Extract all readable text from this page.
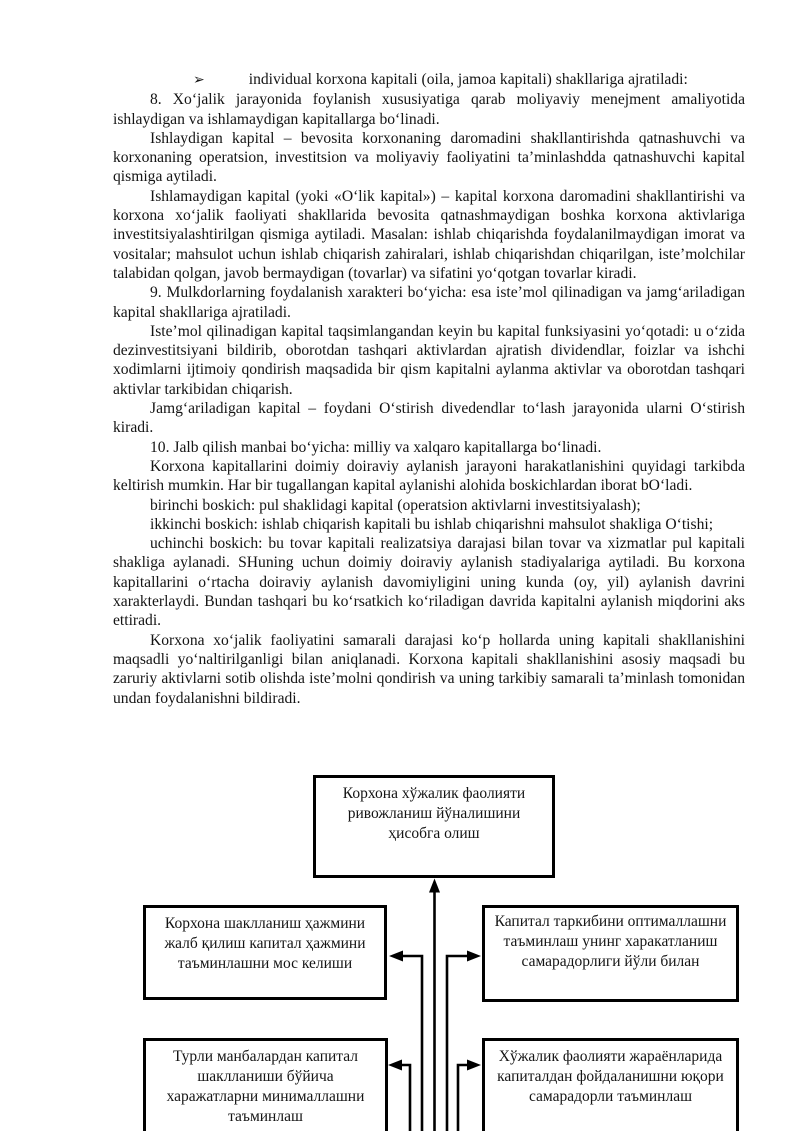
➢	individual korxona kapitali (oila, jamoa kapitali) shakllariga ajratiladi:

8. Xo‘jalik jarayonida foylanish xususiyatiga qarab moliyaviy menejment amaliyotida ishlaydigan va ishlamaydigan kapitallarga bo‘linadi.

Ishlaydigan kapital – bevosita korxonaning daromadini shakllantirishda qatnashuvchi va korxonaning operatsion, investitsion va moliyaviy faoliyatini ta’minlashdda qatnashuvchi kapital qismiga aytiladi.

Ishlamaydigan kapital (yoki «O‘lik kapital») – kapital korxona daromadini shakllantirishi va korxona xo‘jalik faoliyati shakllarida bevosita qatnashmaydigan boshka korxona aktivlariga investitsiyalashtirilgan qismiga aytiladi. Masalan: ishlab chiqarishda foydalanilmaydigan imorat va vositalar; mahsulot uchun ishlab chiqarish zahiralari, ishlab chiqarishdan chiqarilgan, iste’molchilar talabidan qolgan, javob bermaydigan (tovarlar) va sifatini yo‘qotgan tovarlar kiradi.

9. Mulkdorlarning foydalanish xarakteri bo‘yicha: esa iste’mol qilinadigan va jamg‘ariladigan kapital shakllariga ajratiladi.

Iste’mol qilinadigan kapital taqsimlangandan keyin bu kapital funksiyasini yo‘qotadi: u o‘zida dezinvestitsiyani bildirib, oborotdan tashqari aktivlardan ajratish dividendlar, foizlar va ishchi xodimlarni ijtimoiy qondirish maqsadida bir qism kapitalni aylanma aktivlar va oborotdan tashqari aktivlar tarkibidan chiqarish.

Jamg‘ariladigan kapital – foydani O‘stirish divedendlar to‘lash jarayonida ularni O‘stirish kiradi.

10. Jalb qilish manbai bo‘yicha: milliy va xalqaro kapitallarga bo‘linadi.

Korxona kapitallarini doimiy doiraviy aylanish jarayoni harakatlanishini quyidagi tarkibda keltirish mumkin. Har bir tugallangan kapital aylanishi alohida boskichlardan iborat bO‘ladi.

birinchi boskich: pul shaklidagi kapital (operatsion aktivlarni investitsiyalash);

ikkinchi boskich: ishlab chiqarish kapitali bu ishlab chiqarishni mahsulot shakliga O‘tishi;

uchinchi boskich: bu tovar kapitali realizatsiya darajasi bilan tovar va xizmatlar pul kapitali shakliga aylanadi. SHuning uchun doimiy doiraviy aylanish stadiyalariga aytiladi. Bu korxona kapitallarini o‘rtacha doiraviy aylanish davomiyligini uning kunda (oy, yil) aylanish davrini xarakterlaydi. Bundan tashqari bu ko‘rsatkich ko‘riladigan davrida kapitalni aylanish miqdorini aks ettiradi.

Korxona xo‘jalik faoliyatini samarali darajasi ko‘p hollarda uning kapitali shakllanishini maqsadli yo‘naltirilganligi bilan aniqlanadi. Korxona kapitali shakllanishini asosiy maqsadi bu zaruriy aktivlarni sotib olishda iste’molni qondirish va uning tarkibiy samarali ta’minlash tomonidan undan foydalanishni bildiradi.

Корхона хўжалик фаолияти ривожланиш йўналишини ҳисобга олиш
Корхона шаклланиш ҳажмини жалб қилиш капитал ҳажмини таъминлашни мос келиши
Капитал таркибини оптималлашни таъминлаш унинг харакатланиш самарадорлиги йўли билан
Турли манбалардан капитал шаклланиши бўйича харажатларни минималлашни таъминлаш
Хўжалик фаолияти жараёнларида капиталдан фойдаланишни юқори самарадорли таъминлаш
